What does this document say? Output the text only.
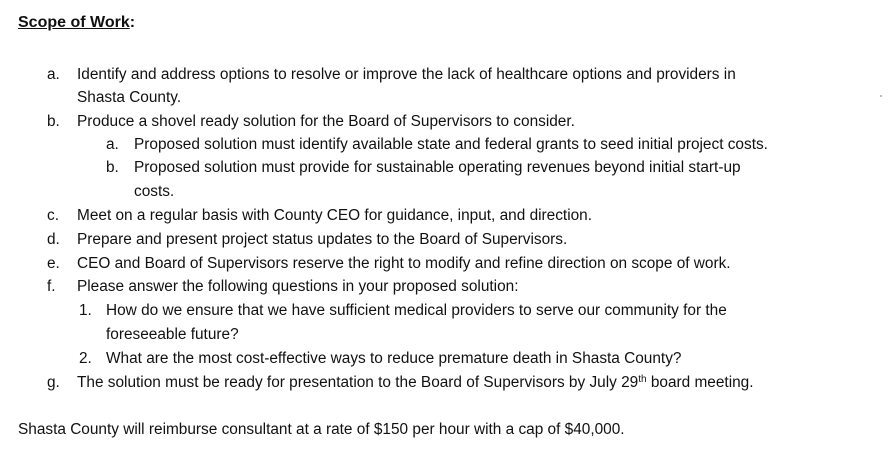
Scope of Work:
a. Identify and address options to resolve or improve the lack of healthcare options and providers in
Shasta County.
b. Produce a shovel ready solution for the Board of Supervisors to consider.
a. Proposed solution must identify available state and federal grants to seed initial project costs.
b. Proposed solution must provide for sustainable operating revenues beyond initial start-up
costs.
c. Meet on a regular basis with County CEO for guidance, input, and direction.
d. Prepare and present project status updates to the Board of Supervisors.
e. CEO and Board of Supervisors reserve the right to modify and refine direction on scope of work.
f. Please answer the following questions in your proposed solution:
1. How do we ensure that we have sufficient medical providers to serve our community for the
foreseeable future?
2. What are the most cost-effective ways to reduce premature death in Shasta County?
g. The solution must be ready for presentation to the Board of Supervisors by July 29th board meeting.
Shasta County will reimburse consultant at a rate of $150 per hour with a cap of $40,000.
